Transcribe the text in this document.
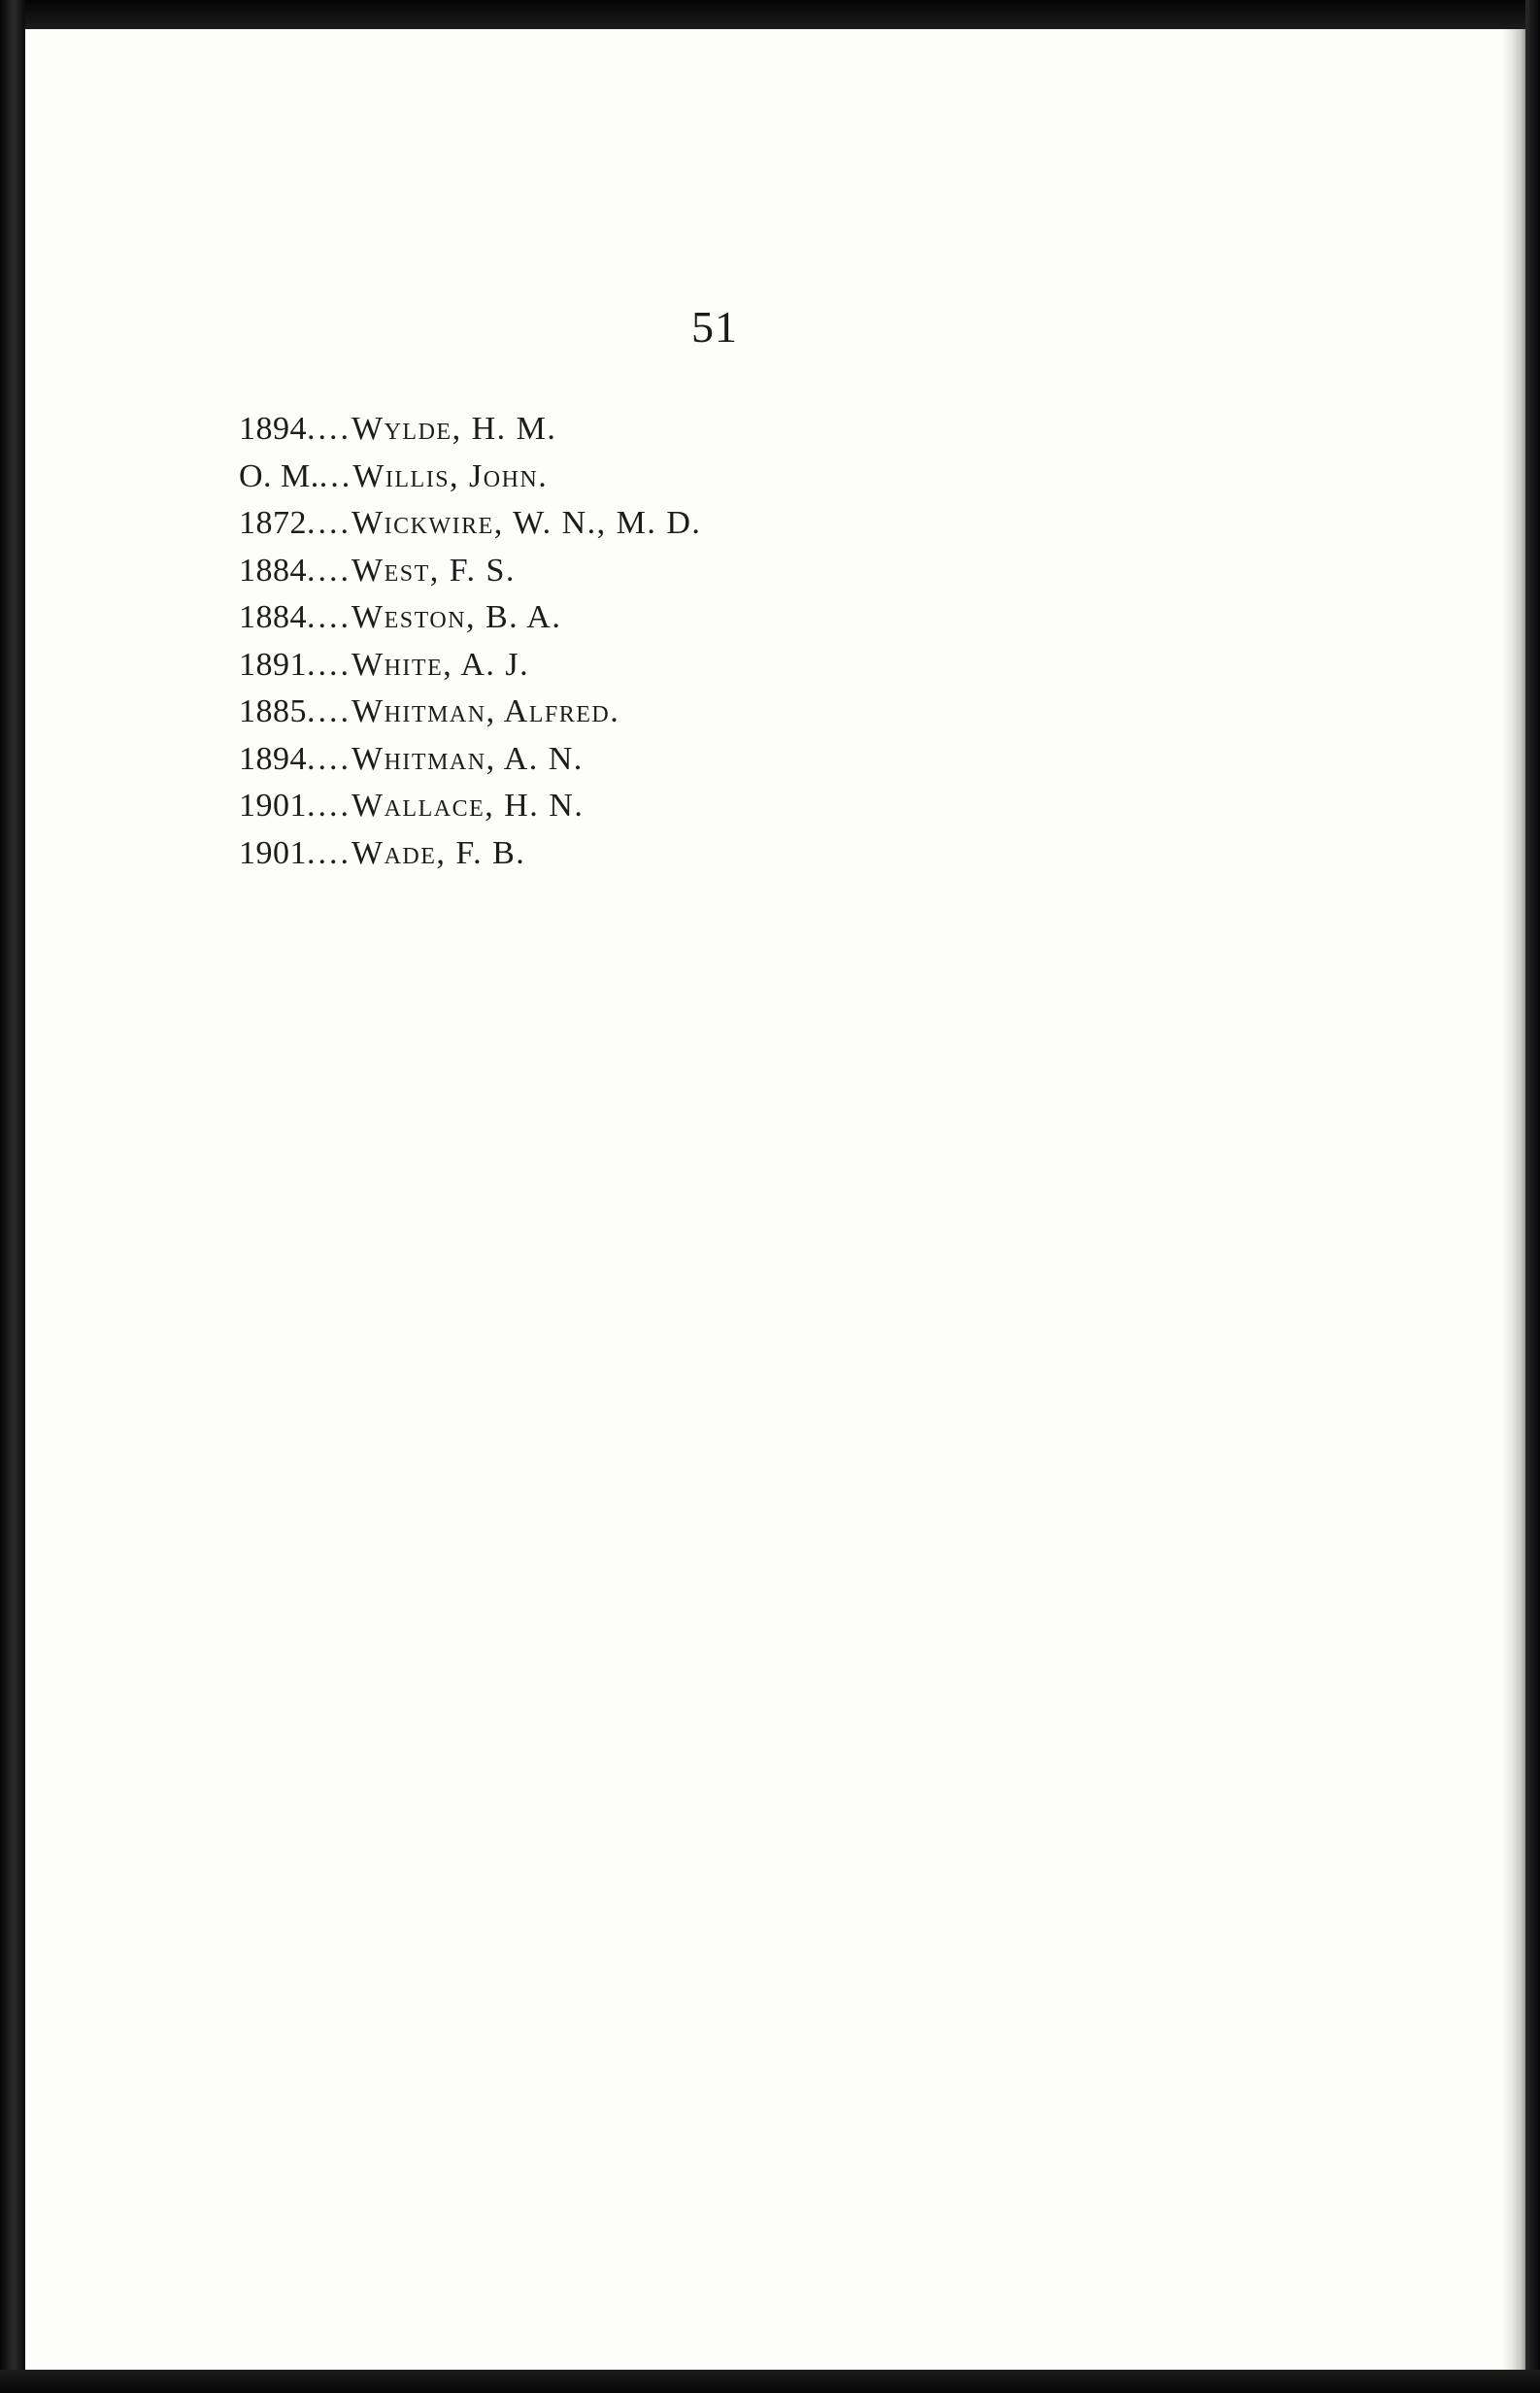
51
1894....Wylde, H. M.
O. M....Willis, John.
1872....Wickwire, W. N., M. D.
1884....West, F. S.
1884....Weston, B. A.
1891....White, A. J.
1885....Whitman, Alfred.
1894....Whitman, A. N.
1901....Wallace, H. N.
1901....Wade, F. B.
